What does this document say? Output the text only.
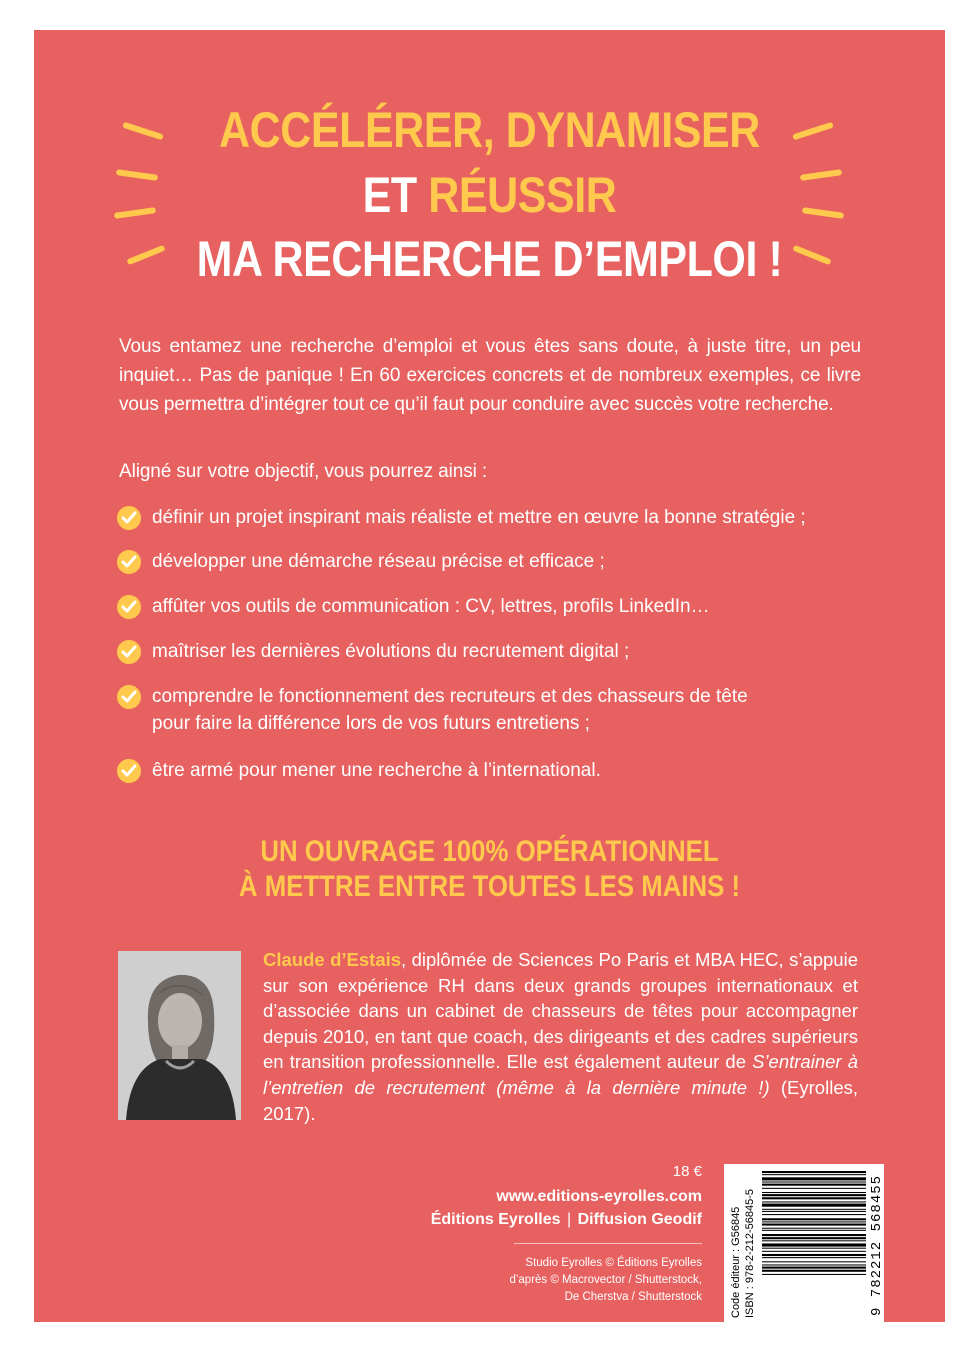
ACCÉLÉRER, DYNAMISER
ET RÉUSSIR
MA RECHERCHE D’EMPLOI !
Vous entamez une recherche d’emploi et vous êtes sans doute, à juste titre, un peu inquiet… Pas de panique ! En 60 exercices concrets et de nombreux exemples, ce livre vous permettra d’intégrer tout ce qu’il faut pour conduire avec succès votre recherche.
Aligné sur votre objectif, vous pourrez ainsi :
définir un projet inspirant mais réaliste et mettre en œuvre la bonne stratégie ;
développer une démarche réseau précise et efficace ;
affûter vos outils de communication : CV, lettres, profils LinkedIn…
maîtriser les dernières évolutions du recrutement digital ;
comprendre le fonctionnement des recruteurs et des chasseurs de tête pour faire la différence lors de vos futurs entretiens ;
être armé pour mener une recherche à l’international.
UN OUVRAGE 100% OPÉRATIONNEL
À METTRE ENTRE TOUTES LES MAINS !
Claude d’Estais, diplômée de Sciences Po Paris et MBA HEC, s’appuie sur son expérience RH dans deux grands groupes internationaux et d’associée dans un cabinet de chasseurs de têtes pour accompagner depuis 2010, en tant que coach, des dirigeants et des cadres supérieurs en transition professionnelle. Elle est également auteur de S’entrainer à l’entretien de recrutement (même à la dernière minute !) (Eyrolles, 2017).
18 €
www.editions-eyrolles.com
Éditions Eyrolles | Diffusion Geodif
Studio Eyrolles © Éditions Eyrolles
d’après © Macrovector / Shutterstock,
De Cherstva / Shutterstock	Code éditeur : G56845 ISBN : 978-2-212-56845-5	9 782212 568455
